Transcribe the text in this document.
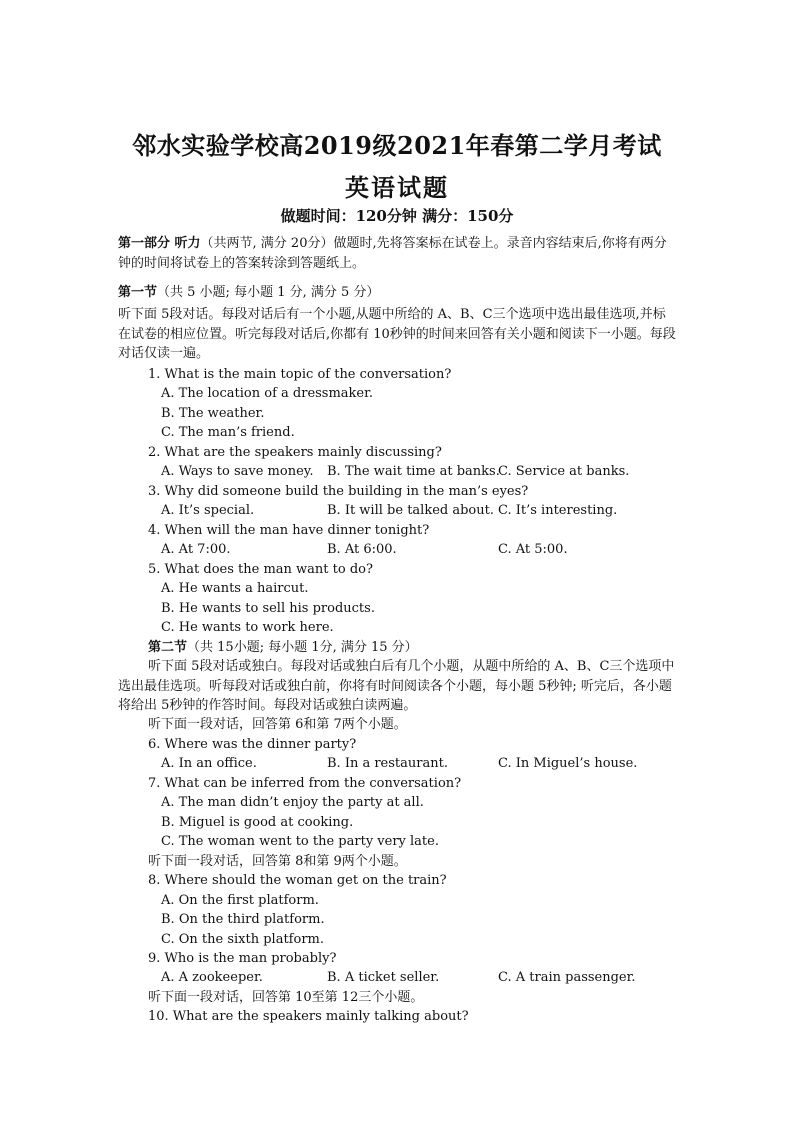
邻水实验学校高2019级2021年春第二学月考试
英语试题
做题时间：120分钟 满分：150分
第一部分 听力（共两节, 满分 20分）做题时,先将答案标在试卷上。录音内容结束后,你将有两分钟的时间将试卷上的答案转涂到答题纸上。
第一节（共 5 小题; 每小题 1 分, 满分 5 分）
听下面 5段对话。每段对话后有一个小题,从题中所给的 A、B、C三个选项中选出最佳选项,并标在试卷的相应位置。听完每段对话后,你都有 10秒钟的时间来回答有关小题和阅读下一小题。每段对话仅读一遍。
1. What is the main topic of the conversation?
A. The location of a dressmaker.
B. The weather.
C. The man’s friend.
2. What are the speakers mainly discussing?
A. Ways to save money. B. The wait time at banks.
C. Service at banks.
3. Why did someone build the building in the man’s eyes?
A. It’s special.	B. It will be talked about. C. It’s interesting.
4. When will the man have dinner tonight?
A. At 7:00.	B. At 6:00.	C. At 5:00.
5. What does the man want to do?
A. He wants a haircut.
B. He wants to sell his products.
C. He wants to work here.
第二节（共 15小题; 每小题 1分, 满分 15 分）
听下面 5段对话或独白。每段对话或独白后有几个小题，从题中所给的 A、B、C三个选项中选出最佳选项。听每段对话或独白前，你将有时间阅读各个小题，每小题 5秒钟; 听完后，各小题将给出 5秒钟的作答时间。每段对话或独白读两遍。
听下面一段对话，回答第 6和第 7两个小题。
6. Where was the dinner party?
A. In an office.	B. In a restaurant.	C. In Miguel’s house.
7. What can be inferred from the conversation?
A. The man didn’t enjoy the party at all.
B. Miguel is good at cooking.
C. The woman went to the party very late.
听下面一段对话，回答第 8和第 9两个小题。
8. Where should the woman get on the train?
A. On the first platform.
B. On the third platform.
C. On the sixth platform.
9. Who is the man probably?
A. A zookeeper.	B. A ticket seller.	C. A train passenger.
听下面一段对话，回答第 10至第 12三个小题。
10. What are the speakers mainly talking about?
